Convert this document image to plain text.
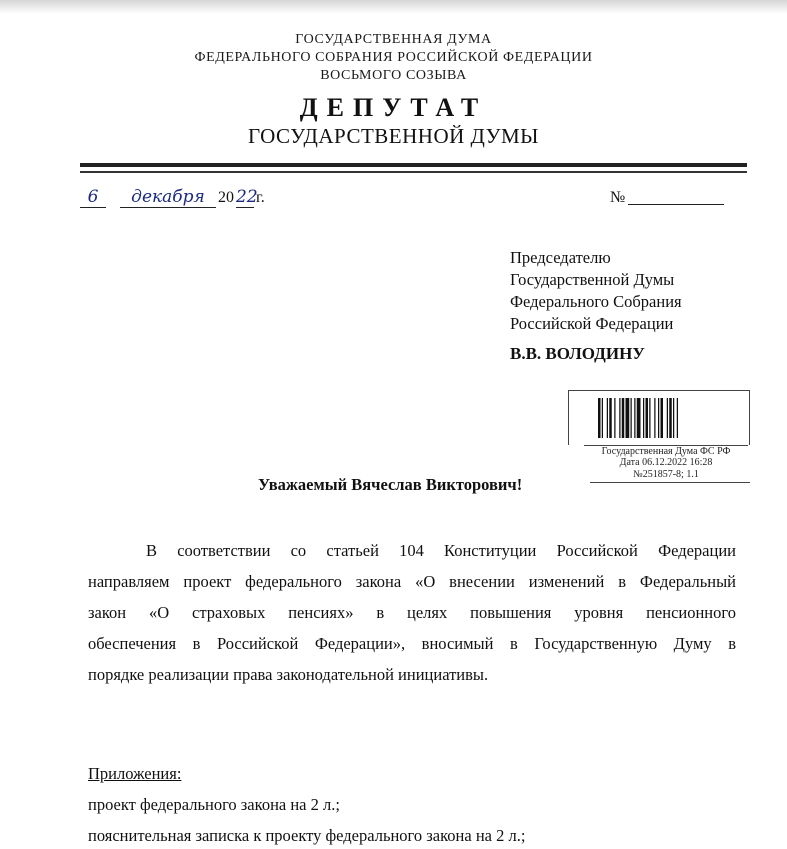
ГОСУДАРСТВЕННАЯ ДУМА
ФЕДЕРАЛЬНОГО СОБРАНИЯ РОССИЙСКОЙ ФЕДЕРАЦИИ
ВОСЬМОГО СОЗЫВА
ДЕПУТАТ
ГОСУДАРСТВЕННОЙ ДУМЫ
6	декабря 20 22
г.	№
Председателю
Государственной Думы
Федерального Собрания
Российской Федерации
В.В. ВОЛОДИНУ
Государственная Дума ФС РФ
Дата 06.12.2022 16:28
№251857-8; 1.1
Уважаемый Вячеслав Викторович!
В соответствии со статьей 104 Конституции Российской Федерации
направляем проект федерального закона «О внесении изменений в Федеральный
закон «О страховых пенсиях» в целях повышения уровня пенсионного
обеспечения в Российской Федерации», вносимый в Государственную Думу в
порядке реализации права законодательной инициативы.
Приложения:
проект федерального закона на 2 л.;
пояснительная записка к проекту федерального закона на 2 л.;
